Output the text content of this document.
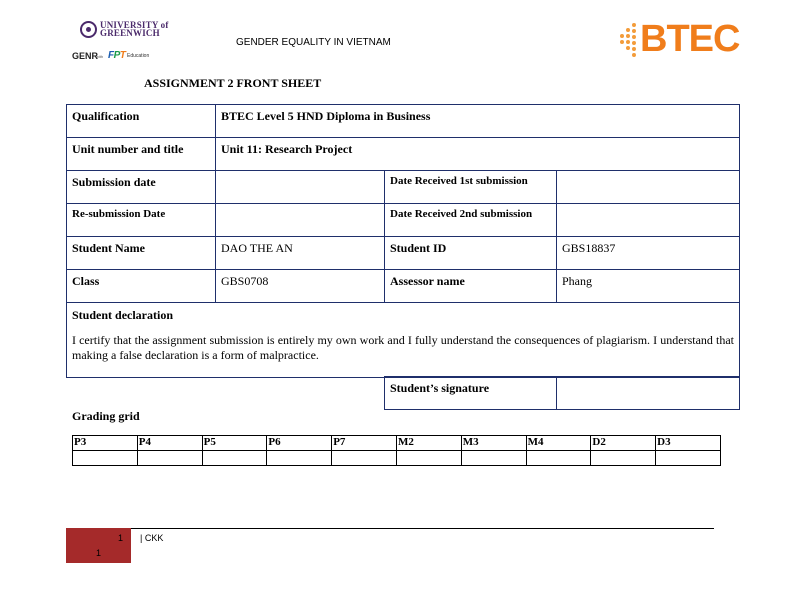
UNIVERSITY of
GREENWICH
GENR
with FPT Education
GENDER EQUALITY IN VIETNAM	BTEC
ASSIGNMENT 2 FRONT SHEET
Qualification	BTEC Level 5 HND Diploma in Business		
Unit number and title	Unit 11: Research Project		
Submission date		Date Received 1st submission	
Re-submission Date		Date Received 2nd submission	
Student Name	DAO THE AN	Student ID	GBS18837
Class	GBS0708	Assessor name	Phang

Student declaration
I certify that the assignment submission is entirely my own work and I fully understand the consequences of plagiarism. I understand that making a false declaration is a form of malpractice.			
Student’s signature	
Grading grid
P3	P4	P5	P6	P7	M2	M3	M4	D2	D3

1
1
| CKK
